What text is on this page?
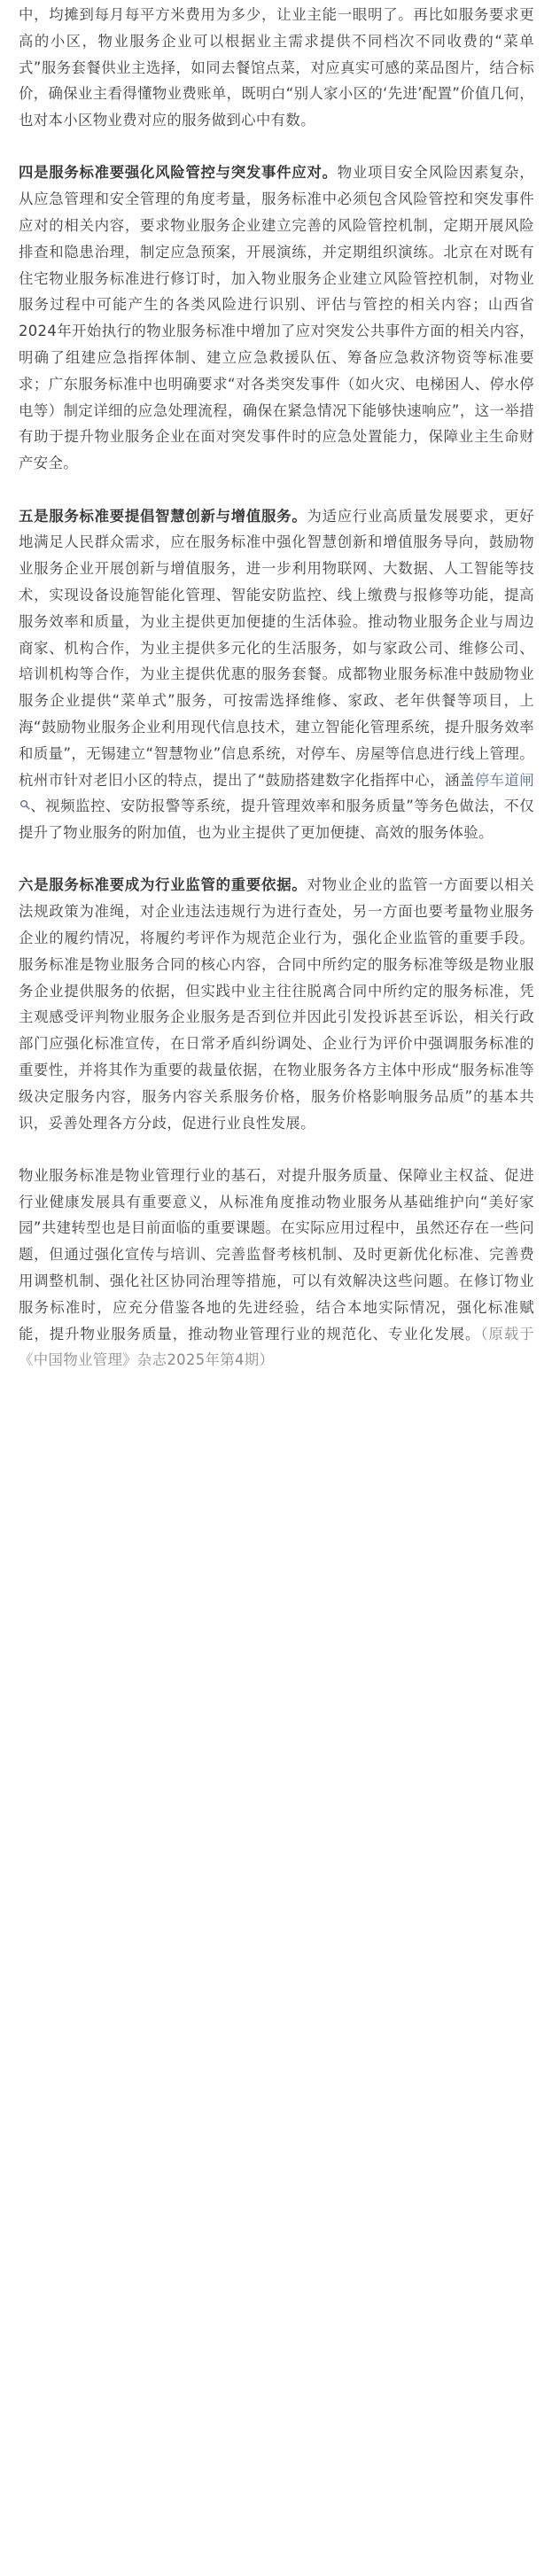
中，均摊到每月每平方米费用为多少，让业主能一眼明了。再比如服务要求更高的小区，物业服务企业可以根据业主需求提供不同档次不同收费的“菜单式”服务套餐供业主选择，如同去餐馆点菜，对应真实可感的菜品图片，结合标价，确保业主看得懂物业费账单，既明白“别人家小区的‘先进’配置”价值几何，也对本小区物业费对应的服务做到心中有数。

四是服务标准要强化风险管控与突发事件应对。物业项目安全风险因素复杂，从应急管理和安全管理的角度考量，服务标准中必须包含风险管控和突发事件应对的相关内容，要求物业服务企业建立完善的风险管控机制，定期开展风险排查和隐患治理，制定应急预案，开展演练，并定期组织演练。北京在对既有住宅物业服务标准进行修订时，加入物业服务企业建立风险管控机制，对物业服务过程中可能产生的各类风险进行识别、评估与管控的相关内容；山西省2024年开始执行的物业服务标准中增加了应对突发公共事件方面的相关内容，明确了组建应急指挥体制、建立应急救援队伍、筹备应急救济物资等标准要求；广东服务标准中也明确要求“对各类突发事件（如火灾、电梯困人、停水停电等）制定详细的应急处理流程，确保在紧急情况下能够快速响应”，这一举措有助于提升物业服务企业在面对突发事件时的应急处置能力，保障业主生命财产安全。

五是服务标准要提倡智慧创新与增值服务。为适应行业高质量发展要求，更好地满足人民群众需求，应在服务标准中强化智慧创新和增值服务导向，鼓励物业服务企业开展创新与增值服务，进一步利用物联网、大数据、人工智能等技术，实现设备设施智能化管理、智能安防监控、线上缴费与报修等功能，提高服务效率和质量，为业主提供更加便捷的生活体验。推动物业服务企业与周边商家、机构合作，为业主提供多元化的生活服务，如与家政公司、维修公司、培训机构等合作，为业主提供优惠的服务套餐。成都物业服务标准中鼓励物业服务企业提供“菜单式”服务，可按需选择维修、家政、老年供餐等项目，上海“鼓励物业服务企业利用现代信息技术，建立智能化管理系统，提升服务效率和质量”，无锡建立“智慧物业”信息系统，对停车、房屋等信息进行线上管理。杭州市针对老旧小区的特点，提出了“鼓励搭建数字化指挥中心，涵盖停车道闸、视频监控、安防报警等系统，提升管理效率和服务质量”等务色做法，不仅提升了物业服务的附加值，也为业主提供了更加便捷、高效的服务体验。

六是服务标准要成为行业监管的重要依据。对物业企业的监管一方面要以相关法规政策为准绳，对企业违法违规行为进行查处，另一方面也要考量物业服务企业的履约情况，将履约考评作为规范企业行为，强化企业监管的重要手段。服务标准是物业服务合同的核心内容，合同中所约定的服务标准等级是物业服务企业提供服务的依据，但实践中业主往往脱离合同中所约定的服务标准，凭主观感受评判物业服务企业服务是否到位并因此引发投诉甚至诉讼，相关行政部门应强化标准宣传，在日常矛盾纠纷调处、企业行为评价中强调服务标准的重要性，并将其作为重要的裁量依据，在物业服务各方主体中形成“服务标准等级决定服务内容，服务内容关系服务价格，服务价格影响服务品质”的基本共识，妥善处理各方分歧，促进行业良性发展。

物业服务标准是物业管理行业的基石，对提升服务质量、保障业主权益、促进行业健康发展具有重要意义，从标准角度推动物业服务从基础维护向“美好家园”共建转型也是目前面临的重要课题。在实际应用过程中，虽然还存在一些问题，但通过强化宣传与培训、完善监督考核机制、及时更新优化标准、完善费用调整机制、强化社区协同治理等措施，可以有效解决这些问题。在修订物业服务标准时，应充分借鉴各地的先进经验，结合本地实际情况，强化标准赋能，提升物业服务质量，推动物业管理行业的规范化、专业化发展。（原载于《中国物业管理》杂志2025年第4期）
